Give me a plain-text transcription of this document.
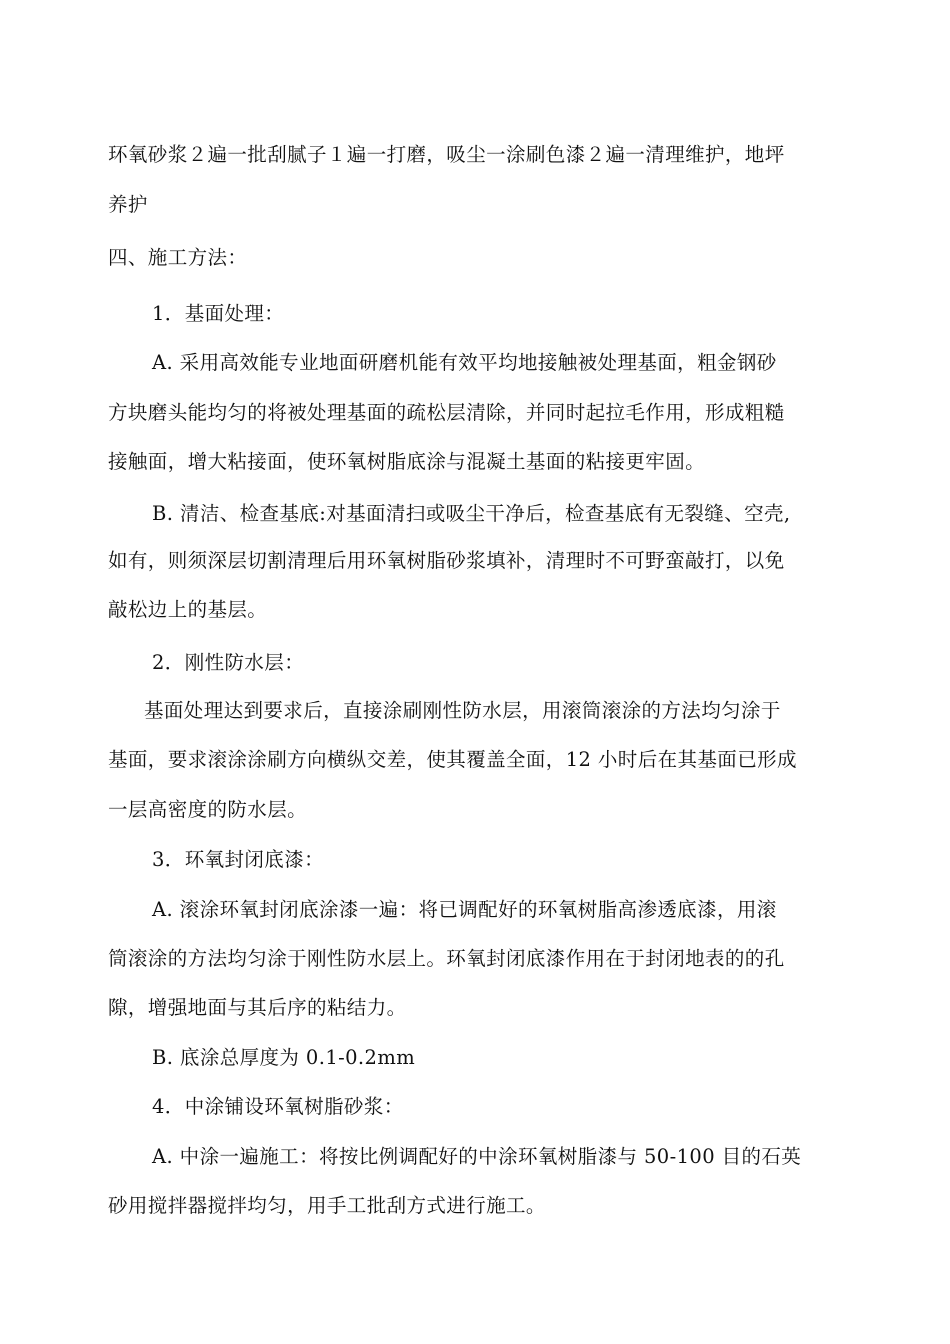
环氧砂浆２遍一批刮腻子１遍一打磨，吸尘一涂刷色漆２遍一清理维护，地坪
养护
四、施工方法：
1．基面处理：
A. 采用高效能专业地面研磨机能有效平均地接触被处理基面，粗金钢砂
方块磨头能均匀的将被处理基面的疏松层清除，并同时起拉毛作用，形成粗糙
接触面，增大粘接面，使环氧树脂底涂与混凝土基面的粘接更牢固。
B. 清洁、检查基底:对基面清扫或吸尘干净后，检查基底有无裂缝、空壳,
如有，则须深层切割清理后用环氧树脂砂浆填补，清理时不可野蛮敲打，以免
敲松边上的基层。
2．刚性防水层：
基面处理达到要求后，直接涂刷刚性防水层，用滚筒滚涂的方法均匀涂于
基面，要求滚涂涂刷方向横纵交差，使其覆盖全面，12 小时后在其基面已形成
一层高密度的防水层。
3．环氧封闭底漆：
A. 滚涂环氧封闭底涂漆一遍：将已调配好的环氧树脂高渗透底漆，用滚
筒滚涂的方法均匀涂于刚性防水层上。环氧封闭底漆作用在于封闭地表的的孔
隙，增强地面与其后序的粘结力。
B. 底涂总厚度为 0.1-0.2mm
4．中涂铺设环氧树脂砂浆：
A. 中涂一遍施工：将按比例调配好的中涂环氧树脂漆与 50-100 目的石英
砂用搅拌器搅拌均匀，用手工批刮方式进行施工。
